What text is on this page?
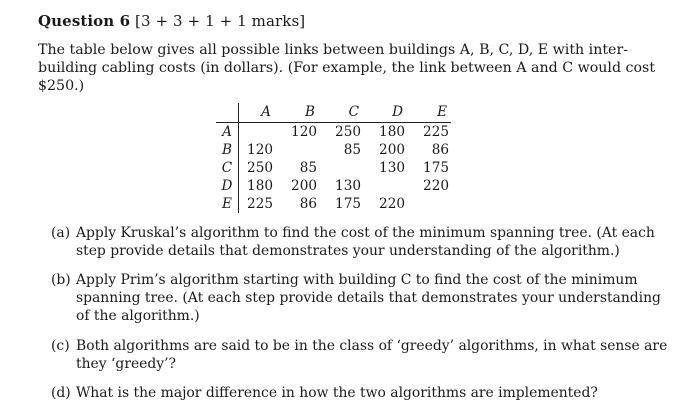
Question 6 [3 + 3 + 1 + 1 marks]
The table below gives all possible links between buildings A, B, C, D, E with inter-
building cabling costs (in dollars). (For example, the link between A and C would cost
$250.)
	A	B	C	D	E
A		120	250	180	225
B	120		85	200	86
C	250	85		130	175
D	180	200	130		220
E	225	86	175	220	
(a) Apply Kruskal’s algorithm to find the cost of the minimum spanning tree. (At each
step provide details that demonstrates your understanding of the algorithm.)
(b) Apply Prim’s algorithm starting with building C to find the cost of the minimum
spanning tree. (At each step provide details that demonstrates your understanding
of the algorithm.)
(c) Both algorithms are said to be in the class of ‘greedy’ algorithms, in what sense are
they ‘greedy’?
(d) What is the major difference in how the two algorithms are implemented?
